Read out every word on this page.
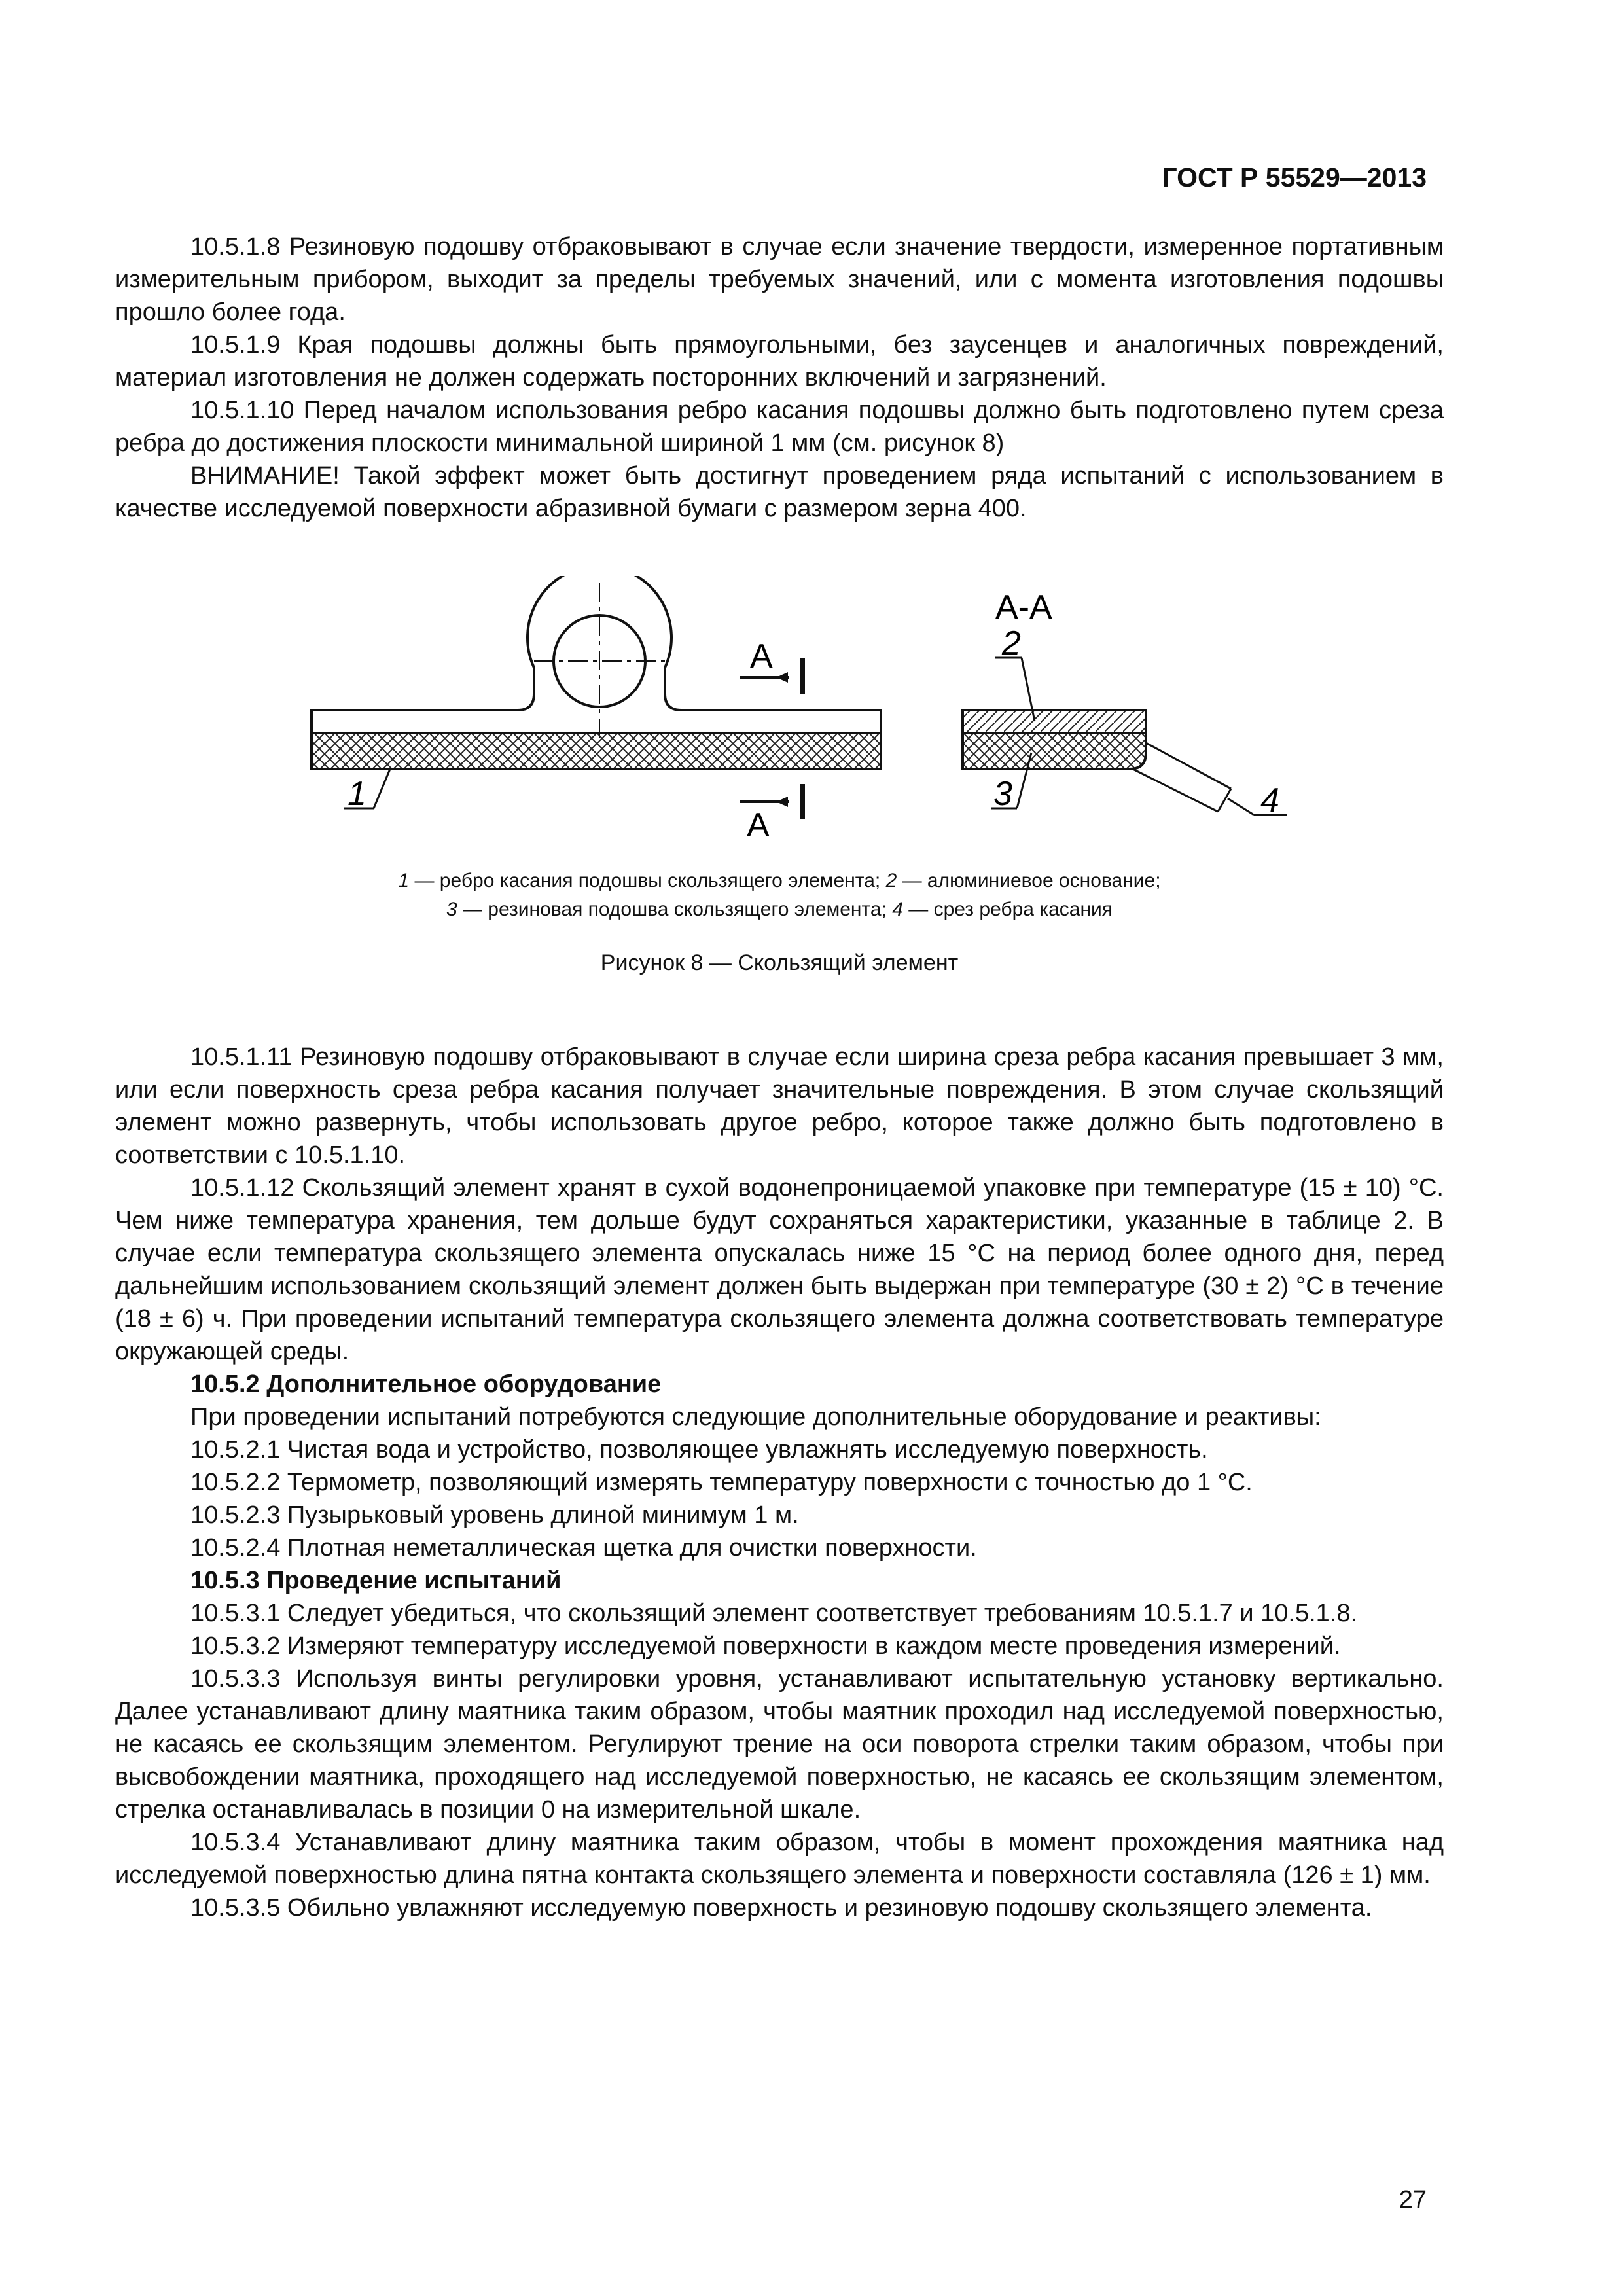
ГОСТ Р 55529—2013

10.5.1.8 Резиновую подошву отбраковывают в случае если значение твердости, измеренное портативным измерительным прибором, выходит за пределы требуемых значений, или с момента изготовления подошвы прошло более года.

10.5.1.9 Края подошвы должны быть прямоугольными, без заусенцев и аналогичных повреждений, материал изготовления не должен содержать посторонних включений и загрязнений.

10.5.1.10 Перед началом использования ребро касания подошвы должно быть подготовлено путем среза ребра до достижения плоскости минимальной шириной 1 мм (см. рисунок 8)

ВНИМАНИЕ! Такой эффект может быть достигнут проведением ряда испытаний с использованием в качестве исследуемой поверхности абразивной бумаги с размером зерна 400.

А
А
1
А-А
2
3	4
1 — ребро касания подошвы скользящего элемента; 2 — алюминиевое основание;
3 — резиновая подошва скользящего элемента; 4 — срез ребра касания
Рисунок 8 — Скользящий элемент

10.5.1.11 Резиновую подошву отбраковывают в случае если ширина среза ребра касания превышает 3 мм, или если поверхность среза ребра касания получает значительные повреждения. В этом случае скользящий элемент можно развернуть, чтобы использовать другое ребро, которое также должно быть подготовлено в соответствии с 10.5.1.10.

10.5.1.12 Скользящий элемент хранят в сухой водонепроницаемой упаковке при температуре (15 ± 10) °С. Чем ниже температура хранения, тем дольше будут сохраняться характеристики, указанные в таблице 2. В случае если температура скользящего элемента опускалась ниже 15 °С на период более одного дня, перед дальнейшим использованием скользящий элемент должен быть выдержан при температуре (30 ± 2) °С в течение (18 ± 6) ч. При проведении испытаний температура скользящего элемента должна соответствовать температуре окружающей среды.

10.5.2 Дополнительное оборудование

При проведении испытаний потребуются следующие дополнительные оборудование и реактивы:

10.5.2.1 Чистая вода и устройство, позволяющее увлажнять исследуемую поверхность.

10.5.2.2 Термометр, позволяющий измерять температуру поверхности с точностью до 1 °С.

10.5.2.3 Пузырьковый уровень длиной минимум 1 м.

10.5.2.4 Плотная неметаллическая щетка для очистки поверхности.

10.5.3 Проведение испытаний

10.5.3.1 Следует убедиться, что скользящий элемент соответствует требованиям 10.5.1.7 и 10.5.1.8.

10.5.3.2 Измеряют температуру исследуемой поверхности в каждом месте проведения измерений.

10.5.3.3 Используя винты регулировки уровня, устанавливают испытательную установку вертикально. Далее устанавливают длину маятника таким образом, чтобы маятник проходил над исследуемой поверхностью, не касаясь ее скользящим элементом. Регулируют трение на оси поворота стрелки таким образом, чтобы при высвобождении маятника, проходящего над исследуемой поверхностью, не касаясь ее скользящим элементом, стрелка останавливалась в позиции 0 на измерительной шкале.

10.5.3.4 Устанавливают длину маятника таким образом, чтобы в момент прохождения маятника над исследуемой поверхностью длина пятна контакта скользящего элемента и поверхности составляла (126 ± 1) мм.

10.5.3.5 Обильно увлажняют исследуемую поверхность и резиновую подошву скользящего элемента.

27
